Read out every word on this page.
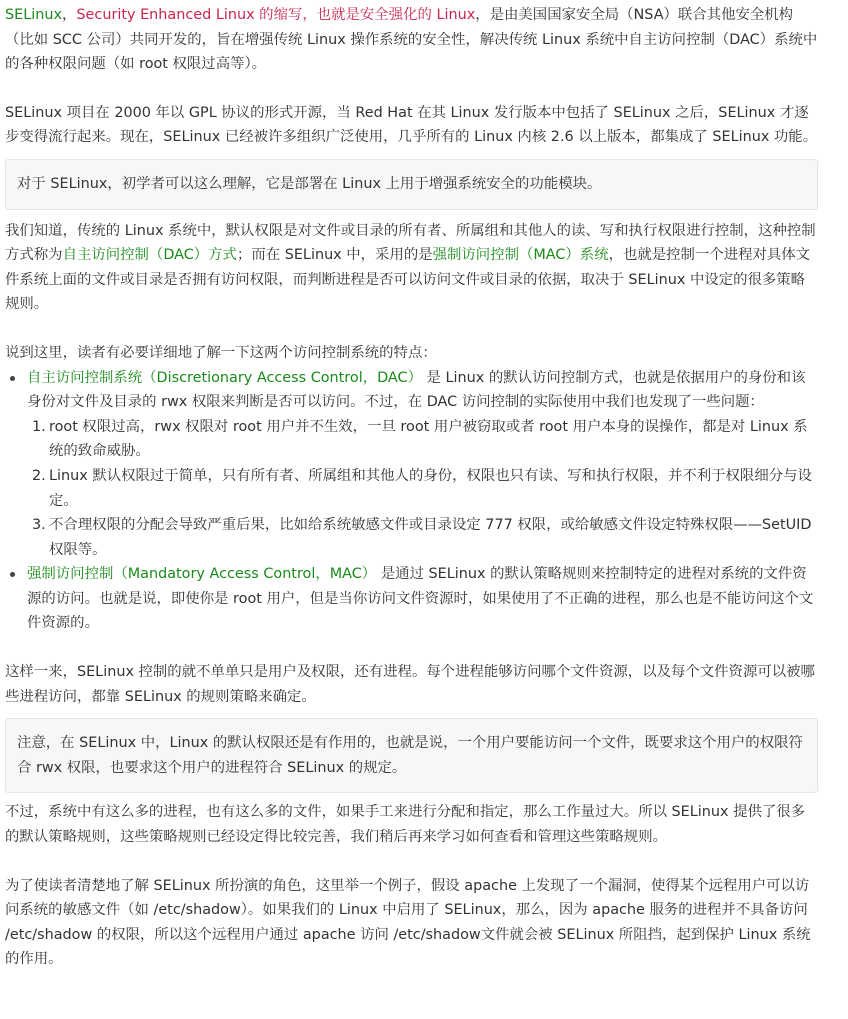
SELinux，Security Enhanced Linux 的缩写，也就是安全强化的 Linux，是由美国国家安全局（NSA）联合其他安全机构（比如 SCC 公司）共同开发的，旨在增强传统 Linux 操作系统的安全性，解决传统 Linux 系统中自主访问控制（DAC）系统中的各种权限问题（如 root 权限过高等）。

SELinux 项目在 2000 年以 GPL 协议的形式开源，当 Red Hat 在其 Linux 发行版本中包括了 SELinux 之后，SELinux 才逐步变得流行起来。现在，SELinux 已经被许多组织广泛使用，几乎所有的 Linux 内核 2.6 以上版本，都集成了 SELinux 功能。

对于 SELinux，初学者可以这么理解，它是部署在 Linux 上用于增强系统安全的功能模块。

我们知道，传统的 Linux 系统中，默认权限是对文件或目录的所有者、所属组和其他人的读、写和执行权限进行控制，这种控制方式称为自主访问控制（DAC）方式；而在 SELinux 中，采用的是强制访问控制（MAC）系统，也就是控制一个进程对具体文件系统上面的文件或目录是否拥有访问权限，而判断进程是否可以访问文件或目录的依据，取决于 SELinux 中设定的很多策略规则。

说到这里，读者有必要详细地了解一下这两个访问控制系统的特点：

自主访问控制系统（Discretionary Access Control，DAC） 是 Linux 的默认访问控制方式，也就是依据用户的身份和该身份对文件及目录的 rwx 权限来判断是否可以访问。不过，在 DAC 访问控制的实际使用中我们也发现了一些问题：
1. root 权限过高，rwx 权限对 root 用户并不生效，一旦 root 用户被窃取或者 root 用户本身的误操作，都是对 Linux 系统的致命威胁。
2. Linux 默认权限过于简单，只有所有者、所属组和其他人的身份，权限也只有读、写和执行权限，并不利于权限细分与设定。
3. 不合理权限的分配会导致严重后果，比如给系统敏感文件或目录设定 777 权限，或给敏感文件设定特殊权限——SetUID 权限等。
强制访问控制（Mandatory Access Control，MAC） 是通过 SELinux 的默认策略规则来控制特定的进程对系统的文件资源的访问。也就是说，即使你是 root 用户，但是当你访问文件资源时，如果使用了不正确的进程，那么也是不能访问这个文件资源的。

这样一来，SELinux 控制的就不单单只是用户及权限，还有进程。每个进程能够访问哪个文件资源，以及每个文件资源可以被哪些进程访问，都靠 SELinux 的规则策略来确定。

注意，在 SELinux 中，Linux 的默认权限还是有作用的，也就是说，一个用户要能访问一个文件，既要求这个用户的权限符合 rwx 权限，也要求这个用户的进程符合 SELinux 的规定。

不过，系统中有这么多的进程，也有这么多的文件，如果手工来进行分配和指定，那么工作量过大。所以 SELinux 提供了很多的默认策略规则，这些策略规则已经设定得比较完善，我们稍后再来学习如何查看和管理这些策略规则。

为了使读者清楚地了解 SELinux 所扮演的角色，这里举一个例子，假设 apache 上发现了一个漏洞，使得某个远程用户可以访问系统的敏感文件（如 /etc/shadow）。如果我们的 Linux 中启用了 SELinux，那么，因为 apache 服务的进程并不具备访问 /etc/shadow 的权限，所以这个远程用户通过 apache 访问 /etc/shadow文件就会被 SELinux 所阻挡，起到保护 Linux 系统的作用。
